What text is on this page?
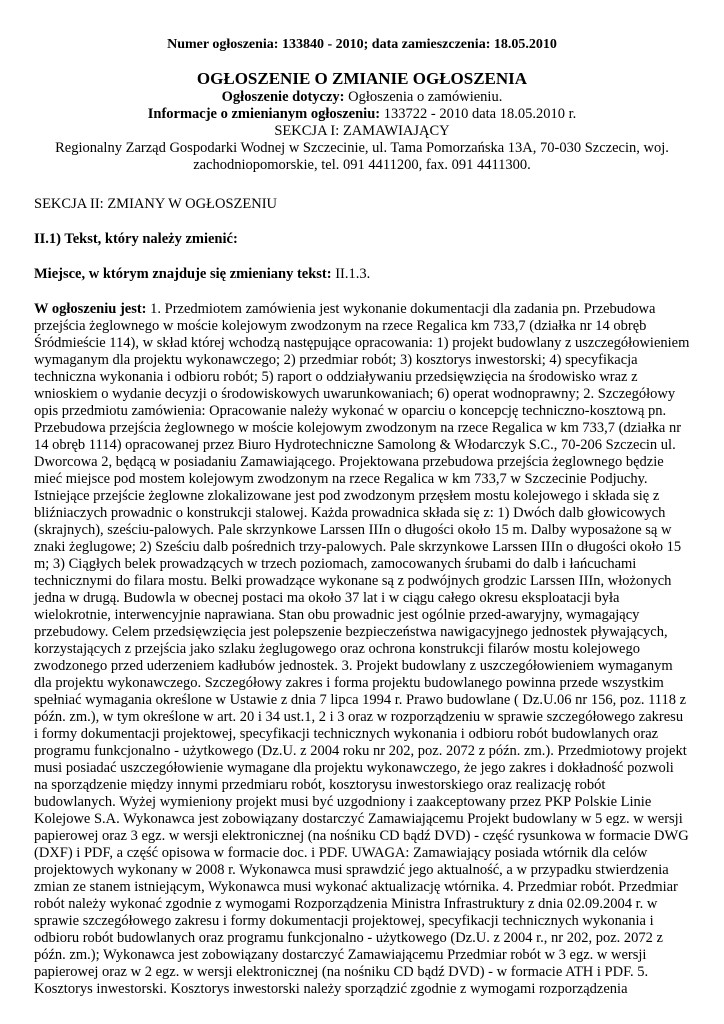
Numer ogłoszenia: 133840 - 2010; data zamieszczenia: 18.05.2010

OGŁOSZENIE O ZMIANIE OGŁOSZENIA

Ogłoszenie dotyczy: Ogłoszenia o zamówieniu.

Informacje o zmienianym ogłoszeniu: 133722 - 2010 data 18.05.2010 r.

SEKCJA I: ZAMAWIAJĄCY

Regionalny Zarząd Gospodarki Wodnej w Szczecinie, ul. Tama Pomorzańska 13A, 70-030 Szczecin, woj.

zachodniopomorskie, tel. 091 4411200, fax. 091 4411300.

SEKCJA II: ZMIANY W OGŁOSZENIU

II.1) Tekst, który należy zmienić:

Miejsce, w którym znajduje się zmieniany tekst: II.1.3.

W ogłoszeniu jest: 1. Przedmiotem zamówienia jest wykonanie dokumentacji dla zadania pn. Przebudowa przejścia żeglownego w moście kolejowym zwodzonym na rzece Regalica km 733,7 (działka nr 14 obręb Śródmieście 114), w skład której wchodzą następujące opracowania: 1) projekt budowlany z uszczegółowieniem wymaganym dla projektu wykonawczego; 2) przedmiar robót; 3) kosztorys inwestorski; 4) specyfikacja techniczna wykonania i odbioru robót; 5) raport o oddziaływaniu przedsięwzięcia na środowisko wraz z wnioskiem o wydanie decyzji o środowiskowych uwarunkowaniach; 6) operat wodnoprawny; 2. Szczegółowy opis przedmiotu zamówienia: Opracowanie należy wykonać w oparciu o koncepcję techniczno-kosztową pn. Przebudowa przejścia żeglownego w moście kolejowym zwodzonym na rzece Regalica w km 733,7 (działka nr 14 obręb 1114) opracowanej przez Biuro Hydrotechniczne Samolong & Włodarczyk S.C., 70-206 Szczecin ul. Dworcowa 2, będącą w posiadaniu Zamawiającego. Projektowana przebudowa przejścia żeglownego będzie mieć miejsce pod mostem kolejowym zwodzonym na rzece Regalica w km 733,7 w Szczecinie Podjuchy. Istniejące przejście żeglowne zlokalizowane jest pod zwodzonym przęsłem mostu kolejowego i składa się z bliźniaczych prowadnic o konstrukcji stalowej. Każda prowadnica składa się z: 1) Dwóch dalb głowicowych (skrajnych), sześciu-palowych. Pale skrzynkowe Larssen IIIn o długości około 15 m. Dalby wyposażone są w znaki żeglugowe; 2) Sześciu dalb pośrednich trzy-palowych. Pale skrzynkowe Larssen IIIn o długości około 15 m; 3) Ciągłych belek prowadzących w trzech poziomach, zamocowanych śrubami do dalb i łańcuchami technicznymi do filara mostu. Belki prowadzące wykonane są z podwójnych grodzic Larssen IIIn, włożonych jedna w drugą. Budowla w obecnej postaci ma około 37 lat i w ciągu całego okresu eksploatacji była wielokrotnie, interwencyjnie naprawiana. Stan obu prowadnic jest ogólnie przed-awaryjny, wymagający przebudowy. Celem przedsięwzięcia jest polepszenie bezpieczeństwa nawigacyjnego jednostek pływających, korzystających z przejścia jako szlaku żeglugowego oraz ochrona konstrukcji filarów mostu kolejowego zwodzonego przed uderzeniem kadłubów jednostek. 3. Projekt budowlany z uszczegółowieniem wymaganym dla projektu wykonawczego. Szczegółowy zakres i forma projektu budowlanego powinna przede wszystkim spełniać wymagania określone w Ustawie z dnia 7 lipca 1994 r. Prawo budowlane ( Dz.U.06 nr 156, poz. 1118 z późn. zm.), w tym określone w art. 20 i 34 ust.1, 2 i 3 oraz w rozporządzeniu w sprawie szczegółowego zakresu i formy dokumentacji projektowej, specyfikacji technicznych wykonania i odbioru robót budowlanych oraz programu funkcjonalno - użytkowego (Dz.U. z 2004 roku nr 202, poz. 2072 z późn. zm.). Przedmiotowy projekt musi posiadać uszczegółowienie wymagane dla projektu wykonawczego, że jego zakres i dokładność pozwoli na sporządzenie między innymi przedmiaru robót, kosztorysu inwestorskiego oraz realizację robót budowlanych. Wyżej wymieniony projekt musi być uzgodniony i zaakceptowany przez PKP Polskie Linie Kolejowe S.A. Wykonawca jest zobowiązany dostarczyć Zamawiającemu Projekt budowlany w 5 egz. w wersji papierowej oraz 3 egz. w wersji elektronicznej (na nośniku CD bądź DVD) - część rysunkowa w formacie DWG (DXF) i PDF, a część opisowa w formacie doc. i PDF. UWAGA: Zamawiający posiada wtórnik dla celów projektowych wykonany w 2008 r. Wykonawca musi sprawdzić jego aktualność, a w przypadku stwierdzenia zmian ze stanem istniejącym, Wykonawca musi wykonać aktualizację wtórnika. 4. Przedmiar robót. Przedmiar robót należy wykonać zgodnie z wymogami Rozporządzenia Ministra Infrastruktury z dnia 02.09.2004 r. w sprawie szczegółowego zakresu i formy dokumentacji projektowej, specyfikacji technicznych wykonania i odbioru robót budowlanych oraz programu funkcjonalno - użytkowego (Dz.U. z 2004 r., nr 202, poz. 2072 z późn. zm.); Wykonawca jest zobowiązany dostarczyć Zamawiającemu Przedmiar robót w 3 egz. w wersji papierowej oraz w 2 egz. w wersji elektronicznej (na nośniku CD bądź DVD) - w formacie ATH i PDF. 5. Kosztorys inwestorski. Kosztorys inwestorski należy sporządzić zgodnie z wymogami rozporządzenia
